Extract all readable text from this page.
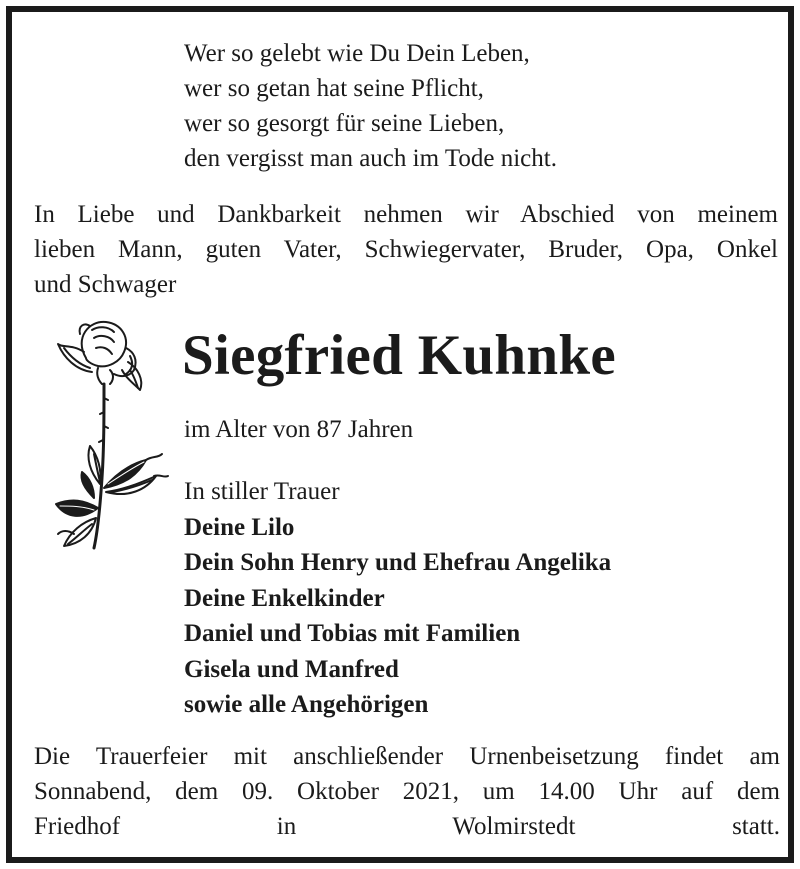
Wer so gelebt wie Du Dein Leben,
wer so getan hat seine Pflicht,
wer so gesorgt für seine Lieben,
den vergisst man auch im Tode nicht.
In Liebe und Dankbarkeit nehmen wir Abschied von meinem
lieben Mann, guten Vater, Schwiegervater, Bruder, Opa, Onkel
und Schwager
Siegfried Kuhnke
im Alter von 87 Jahren
In stiller Trauer
Deine Lilo
Dein Sohn Henry und Ehefrau Angelika
Deine Enkelkinder
Daniel und Tobias mit Familien
Gisela und Manfred
sowie alle Angehörigen
Die Trauerfeier mit anschließender Urnenbeisetzung findet am
Sonnabend, dem 09. Oktober 2021, um 14.00 Uhr auf dem
Friedhof in Wolmirstedt statt.
